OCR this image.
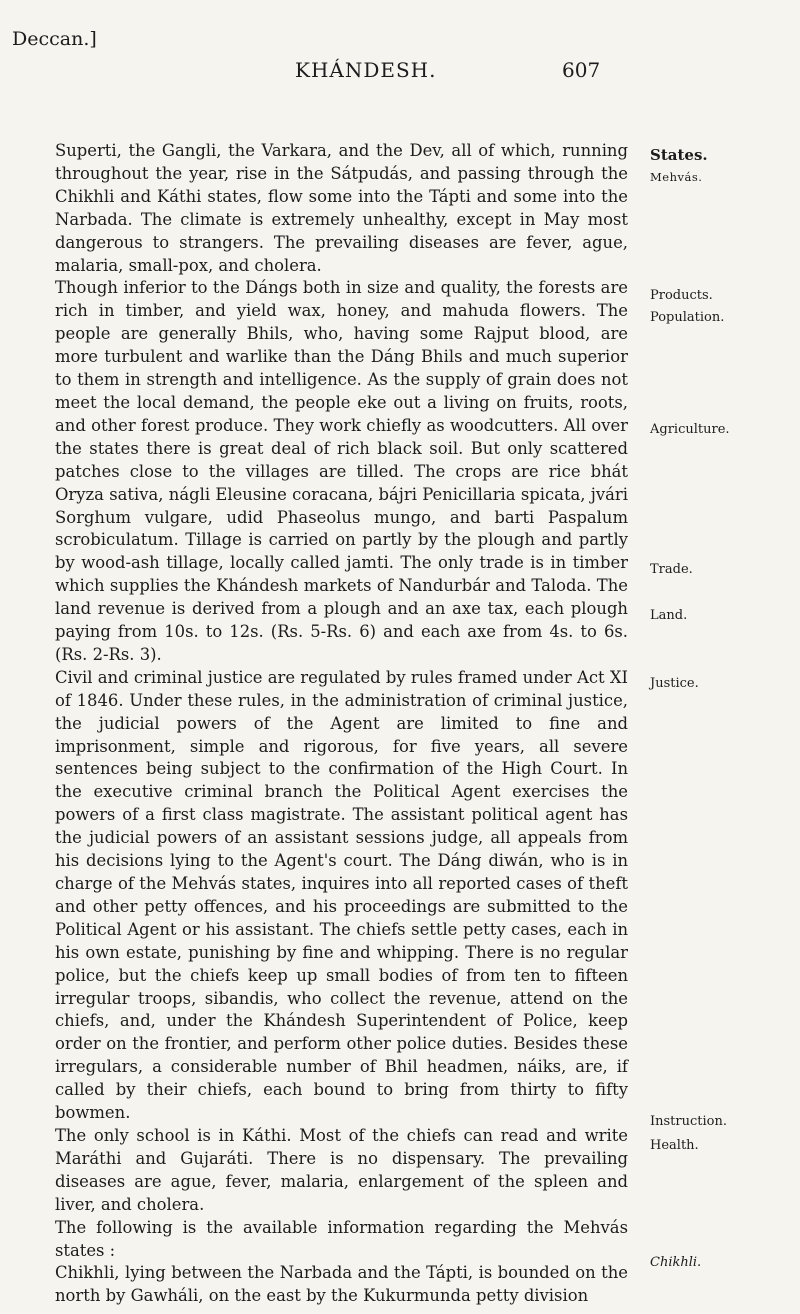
Deccan.]
KHÁNDESH.	607

Superti, the Gangli, the Varkara, and the Dev, all of which, running throughout the year, rise in the Sátpudás, and passing through the Chikhli and Káthi states, flow some into the Tápti and some into the Narbada. The climate is extremely unhealthy, except in May most dangerous to strangers. The prevailing diseases are fever, ague, malaria, small-pox, and cholera.

Though inferior to the Dángs both in size and quality, the forests are rich in timber, and yield wax, honey, and mahuda flowers. The people are generally Bhils, who, having some Rajput blood, are more turbulent and warlike than the Dáng Bhils and much superior to them in strength and intelligence. As the supply of grain does not meet the local demand, the people eke out a living on fruits, roots, and other forest produce. They work chiefly as woodcutters. All over the states there is great deal of rich black soil. But only scattered patches close to the villages are tilled. The crops are rice bhát Oryza sativa, nágli Eleusine coracana, bájri Penicillaria spicata, jvári Sorghum vulgare, udid Phaseolus mungo, and barti Paspalum scrobiculatum. Tillage is carried on partly by the plough and partly by wood-ash tillage, locally called jamti. The only trade is in timber which supplies the Khándesh markets of Nandurbár and Taloda. The land revenue is derived from a plough and an axe tax, each plough paying from 10s. to 12s. (Rs. 5-Rs. 6) and each axe from 4s. to 6s. (Rs. 2-Rs. 3).

Civil and criminal justice are regulated by rules framed under Act XI of 1846. Under these rules, in the administration of criminal justice, the judicial powers of the Agent are limited to fine and imprisonment, simple and rigorous, for five years, all severe sentences being subject to the confirmation of the High Court. In the executive criminal branch the Political Agent exercises the powers of a first class magistrate. The assistant political agent has the judicial powers of an assistant sessions judge, all appeals from his decisions lying to the Agent's court. The Dáng diwán, who is in charge of the Mehvás states, inquires into all reported cases of theft and other petty offences, and his proceedings are submitted to the Political Agent or his assistant. The chiefs settle petty cases, each in his own estate, punishing by fine and whipping. There is no regular police, but the chiefs keep up small bodies of from ten to fifteen irregular troops, sibandis, who collect the revenue, attend on the chiefs, and, under the Khándesh Superintendent of Police, keep order on the frontier, and perform other police duties. Besides these irregulars, a considerable number of Bhil headmen, náiks, are, if called by their chiefs, each bound to bring from thirty to fifty bowmen.

The only school is in Káthi. Most of the chiefs can read and write Maráthi and Gujaráti. There is no dispensary. The prevailing diseases are ague, fever, malaria, enlargement of the spleen and liver, and cholera.

The following is the available information regarding the Mehvás states :

Chikhli, lying between the Narbada and the Tápti, is bounded on the north by Gawháli, on the east by the Kukurmunda petty division

States.
Mehvás.
Products.
Population.
Agriculture.
Trade.
Land.
Justice.
Instruction.
Health.
Chikhli.
